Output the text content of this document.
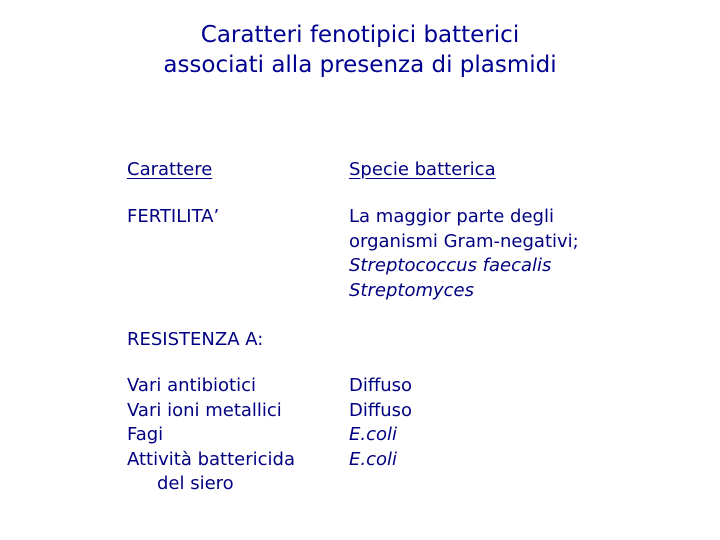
Caratteri fenotipici batterici
associati alla presenza di plasmidi
Carattere	Specie batterica
FERTILITA’	La maggior parte degli
organismi Gram-negativi;
Streptococcus faecalis
Streptomyces
RESISTENZA A:
Vari antibiotici
Vari ioni metallici
Fagi
Attività battericida
del siero
Diffuso
Diffuso
E.coli
E.coli
